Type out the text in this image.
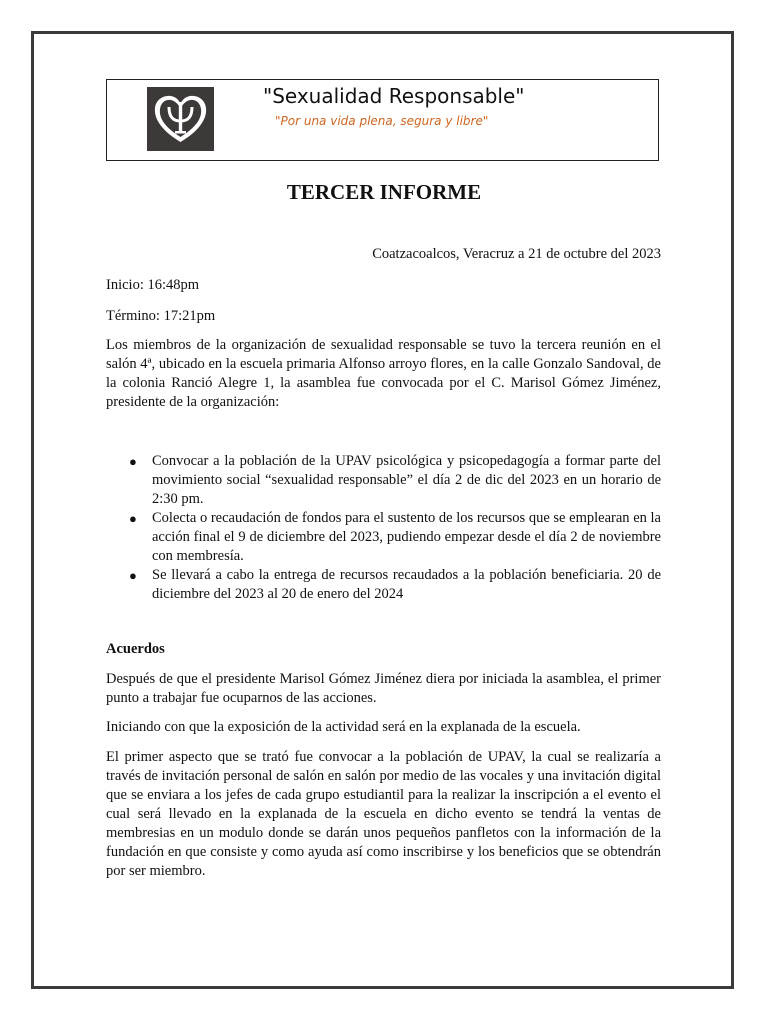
"Sexualidad Responsable"
"Por una vida plena, segura y libre"
TERCER INFORME

Coatzacoalcos, Veracruz a 21 de octubre del 2023

Inicio: 16:48pm

Término: 17:21pm

Los miembros de la organización de sexualidad responsable se tuvo la tercera reunión en el salón 4ª, ubicado en la escuela primaria Alfonso arroyo flores, en la calle Gonzalo Sandoval, de la colonia Ranció Alegre 1, la asamblea fue convocada por el C. Marisol Gómez Jiménez, presidente de la organización:

● Convocar a la población de la UPAV psicológica y psicopedagogía a formar parte del movimiento social “sexualidad responsable” el día 2 de dic del 2023 en un horario de 2:30 pm.
● Colecta o recaudación de fondos para el sustento de los recursos que se emplearan en la acción final el 9 de diciembre del 2023, pudiendo empezar desde el día 2 de noviembre con membresía.
● Se llevará a cabo la entrega de recursos recaudados a la población beneficiaria. 20 de diciembre del 2023 al 20 de enero del 2024

Acuerdos

Después de que el presidente Marisol Gómez Jiménez diera por iniciada la asamblea, el primer punto a trabajar fue ocuparnos de las acciones.

Iniciando con que la exposición de la actividad será en la explanada de la escuela.

El primer aspecto que se trató fue convocar a la población de UPAV, la cual se realizaría a través de invitación personal de salón en salón por medio de las vocales y una invitación digital que se enviara a los jefes de cada grupo estudiantil para la realizar la inscripción a el evento el cual será llevado en la explanada de la escuela en dicho evento se tendrá la ventas de membresias en un modulo donde se darán unos pequeños panfletos con la información de la fundación en que consiste y como ayuda así como inscribirse y los beneficios que se obtendrán por ser miembro.
